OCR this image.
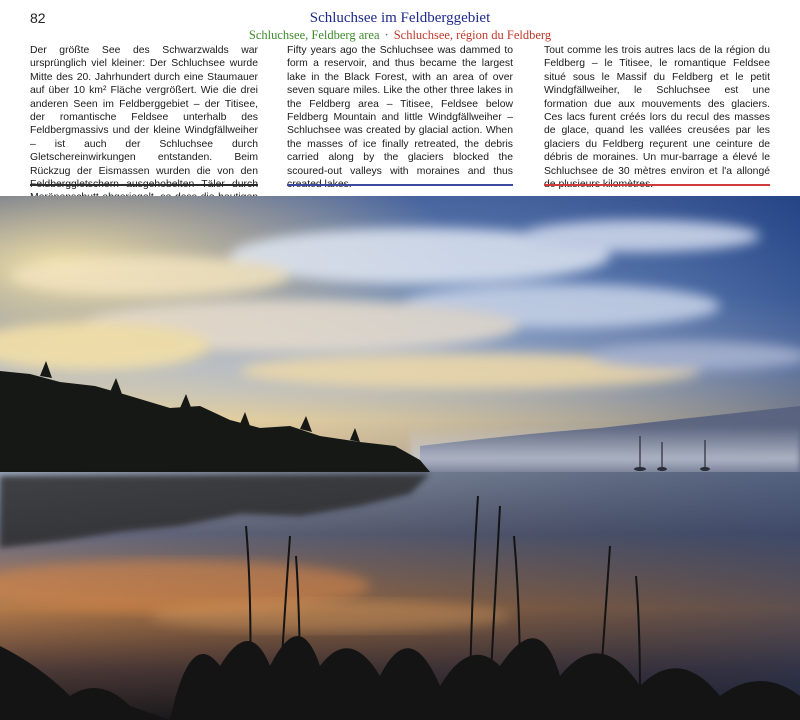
82	Schluchsee im Feldberggebiet
Schluchsee, Feldberg area · Schluchsee, région du Feldberg
Der größte See des Schwarzwalds war ursprünglich viel kleiner: Der Schluchsee wurde Mitte des 20. Jahrhundert durch eine Staumauer auf über 10 km² Fläche vergrößert. Wie die drei anderen Seen im Feldberggebiet – der Titisee, der romantische Feldsee unterhalb des Feldbergmassivs und der kleine Windgfällweiher – ist auch der Schluchsee durch Gletschereinwirkungen entstanden. Beim Rückzug der Eismassen wurden die von den
Fifty years ago the Schluchsee was dammed to form a reservoir, and thus became the largest lake in the Black Forest, with an area of over seven square miles. Like the other three lakes in the Feldberg area – Titisee, Feldsee below Feldberg Mountain and little Windgfällweiher – Schluchsee was created by glacial action. When the masses of ice finally retreated, the debris carried along by the glaciers blocked the scoured-out valleys with moraines and thus
Tout comme les trois autres lacs de la région du Feldberg – le Titisee, le romantique Feldsee situé sous le Massif du Feldberg et le petit Windgfällweiher, le Schluchsee est une formation due aux mouvements des glaciers. Ces lacs furent créés lors du recul des masses de glace, quand les vallées creusées par les glaciers du Feldberg reçurent une ceinture de débris de moraines. Un mur-barrage a élevé le Schluchsee de 30 mètres environ et l'a allongé
